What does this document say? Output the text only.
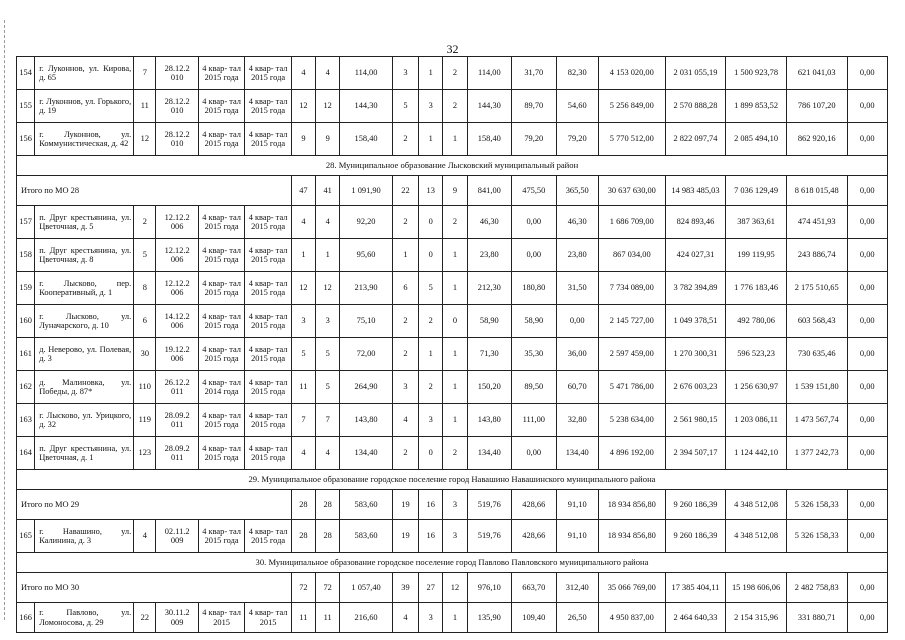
32
154	г. Луконнов, ул. Кирова, д. 65	7	28.12.2 010	4 квар- тал 2015 года	4 квар- тал 2015 года	4	4	114,00	3	1	2	114,00	31,70	82,30	4 153 020,00	2 031 055,19	1 500 923,78	621 041,03	0,00
155	г. Луконнов, ул. Горького, д. 19	11	28.12.2 010	4 квар- тал 2015 года	4 квар- тал 2015 года	12	12	144,30	5	3	2	144,30	89,70	54,60	5 256 849,00	2 570 888,28	1 899 853,52	786 107,20	0,00
156	г. Луконнов, ул. Коммунистическая, д. 42	12	28.12.2 010	4 квар- тал 2015 года	4 квар- тал 2015 года	9	9	158,40	2	1	1	158,40	79,20	79,20	5 770 512,00	2 822 097,74	2 085 494,10	862 920,16	0,00
28. Муниципальное образование Лысковский муниципальный район																			
Итого по МО 28						47	41	1 091,90	22	13	9	841,00	475,50	365,50	30 637 630,00	14 983 485,03	7 036 129,49	8 618 015,48	0,00
157	п. Друг крестьянина, ул. Цветочная, д. 5	2	12.12.2 006	4 квар- тал 2015 года	4 квар- тал 2015 года	4	4	92,20	2	0	2	46,30	0,00	46,30	1 686 709,00	824 893,46	387 363,61	474 451,93	0,00
158	п. Друг крестьянина, ул. Цветочная, д. 8	5	12.12.2 006	4 квар- тал 2015 года	4 квар- тал 2015 года	1	1	95,60	1	0	1	23,80	0,00	23,80	867 034,00	424 027,31	199 119,95	243 886,74	0,00
159	г. Лысково, пер. Кооперативный, д. 1	8	12.12.2 006	4 квар- тал 2015 года	4 квар- тал 2015 года	12	12	213,90	6	5	1	212,30	180,80	31,50	7 734 089,00	3 782 394,89	1 776 183,46	2 175 510,65	0,00
160	г. Лысково, ул. Луначарского, д. 10	6	14.12.2 006	4 квар- тал 2015 года	4 квар- тал 2015 года	3	3	75,10	2	2	0	58,90	58,90	0,00	2 145 727,00	1 049 378,51	492 780,06	603 568,43	0,00
161	д. Неверово, ул. Полевая, д. 3	30	19.12.2 006	4 квар- тал 2015 года	4 квар- тал 2015 года	5	5	72,00	2	1	1	71,30	35,30	36,00	2 597 459,00	1 270 300,31	596 523,23	730 635,46	0,00
162	д. Малиновка, ул. Победы, д. 87*	110	26.12.2 011	4 квар- тал 2014 года	4 квар- тал 2015 года	11	5	264,90	3	2	1	150,20	89,50	60,70	5 471 786,00	2 676 003,23	1 256 630,97	1 539 151,80	0,00
163	г. Лысково, ул. Урицкого, д. 32	119	28.09.2 011	4 квар- тал 2015 года	4 квар- тал 2015 года	7	7	143,80	4	3	1	143,80	111,00	32,80	5 238 634,00	2 561 980,15	1 203 086,11	1 473 567,74	0,00
164	п. Друг крестьянина, ул. Цветочная, д. 1	123	28.09.2 011	4 квар- тал 2015 года	4 квар- тал 2015 года	4	4	134,40	2	0	2	134,40	0,00	134,40	4 896 192,00	2 394 507,17	1 124 442,10	1 377 242,73	0,00
29. Муниципальное образование городское поселение город Навашино Навашинского муниципального района																			
Итого по МО 29						28	28	583,60	19	16	3	519,76	428,66	91,10	18 934 856,80	9 260 186,39	4 348 512,08	5 326 158,33	0,00
165	г. Навашино, ул. Калинина, д. 3	4	02.11.2 009	4 квар- тал 2015 года	4 квар- тал 2015 года	28	28	583,60	19	16	3	519,76	428,66	91,10	18 934 856,80	9 260 186,39	4 348 512,08	5 326 158,33	0,00
30. Муниципальное образование городское поселение город Павлово Павловского муниципального района																			
Итого по МО 30						72	72	1 057,40	39	27	12	976,10	663,70	312,40	35 066 769,00	17 385 404,11	15 198 606,06	2 482 758,83	0,00
166	г. Павлово, ул. Ломоносова, д. 29	22	30.11.2 009	4 квар- тал 2015	4 квар- тал 2015	11	11	216,60	4	3	1	135,90	109,40	26,50	4 950 837,00	2 464 640,33	2 154 315,96	331 880,71	0,00
